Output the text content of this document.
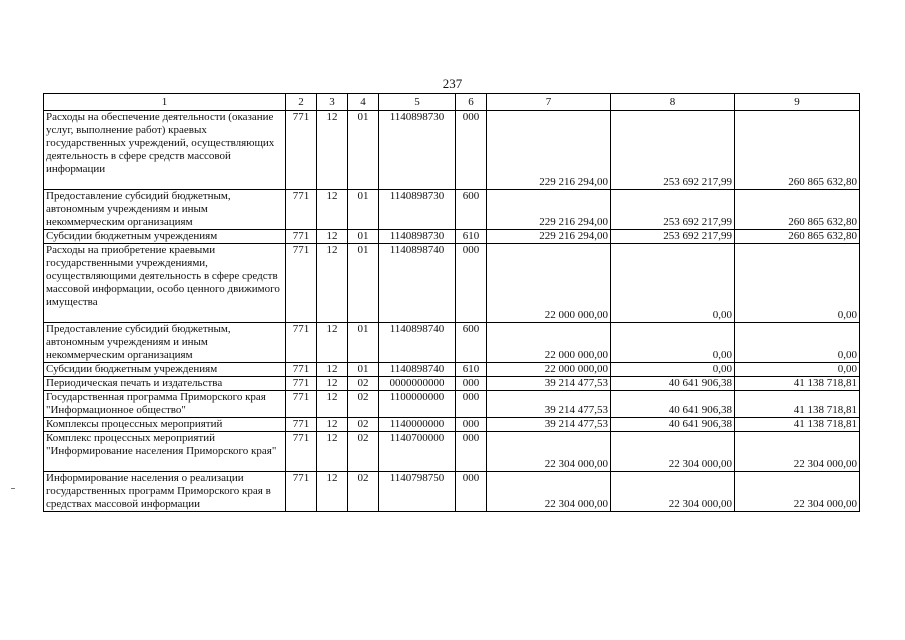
237
1	2	3	4	5	6	7	8	9
Расходы на обеспечение деятельности (оказание услуг, выполнение работ) краевых государственных учреждений, осуществляющих деятельность в сфере средств массовой информации	771	12	01	1140898730	000	229 216 294,00	253 692 217,99	260 865 632,80
Предоставление субсидий бюджетным, автономным учреждениям и иным некоммерческим организациям	771	12	01	1140898730	600	229 216 294,00	253 692 217,99	260 865 632,80
Субсидии бюджетным учреждениям	771	12	01	1140898730	610	229 216 294,00	253 692 217,99	260 865 632,80
Расходы на приобретение краевыми государственными учреждениями, осуществляющими деятельность в сфере средств массовой информации, особо ценного движимого имущества	771	12	01	1140898740	000	22 000 000,00	0,00	0,00
Предоставление субсидий бюджетным, автономным учреждениям и иным некоммерческим организациям	771	12	01	1140898740	600	22 000 000,00	0,00	0,00
Субсидии бюджетным учреждениям	771	12	01	1140898740	610	22 000 000,00	0,00	0,00
Периодическая печать и издательства	771	12	02	0000000000	000	39 214 477,53	40 641 906,38	41 138 718,81
Государственная программа Приморского края "Информационное общество"	771	12	02	1100000000	000	39 214 477,53	40 641 906,38	41 138 718,81
Комплексы процессных мероприятий	771	12	02	1140000000	000	39 214 477,53	40 641 906,38	41 138 718,81
Комплекс процессных мероприятий "Информирование населения Приморского края"	771	12	02	1140700000	000	22 304 000,00	22 304 000,00	22 304 000,00
Информирование населения о реализации государственных программ Приморского края в средствах массовой информации	771	12	02	1140798750	000	22 304 000,00	22 304 000,00	22 304 000,00
